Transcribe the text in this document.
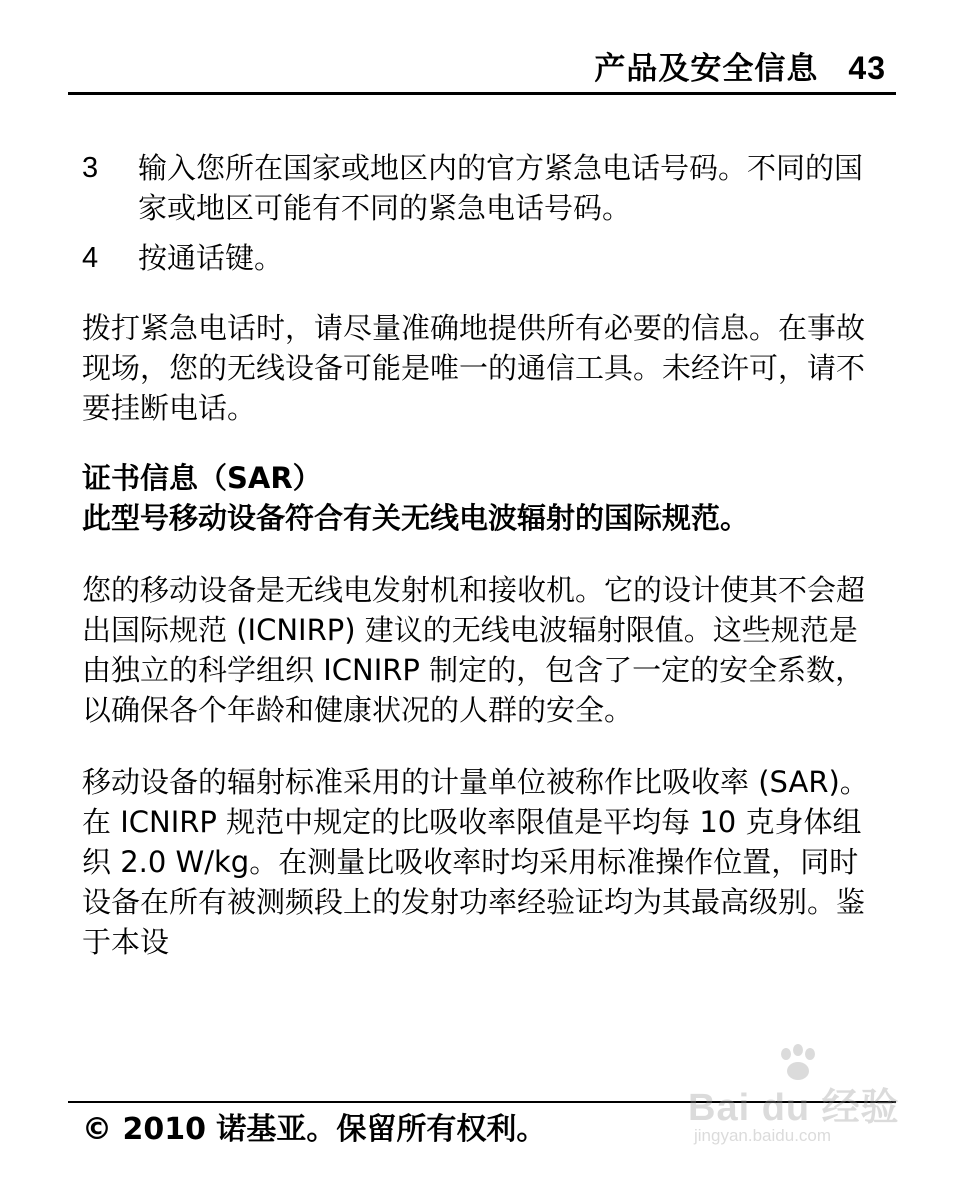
产品及安全信息 43
3	输入您所在国家或地区内的官方紧急电话号码。不同的国家或地区可能有不同的紧急电话号码。
4	按通话键。

拨打紧急电话时，请尽量准确地提供所有必要的信息。在事故现场，您的无线设备可能是唯一的通信工具。未经许可，请不要挂断电话。

证书信息（SAR）
此型号移动设备符合有关无线电波辐射的国际规范。

您的移动设备是无线电发射机和接收机。它的设计使其不会超出国际规范 (ICNIRP) 建议的无线电波辐射限值。这些规范是由独立的科学组织 ICNIRP 制定的，包含了一定的安全系数，以确保各个年龄和健康状况的人群的安全。

移动设备的辐射标准采用的计量单位被称作比吸收率 (SAR)。在 ICNIRP 规范中规定的比吸收率限值是平均每 10 克身体组织 2.0 W/kg。在测量比吸收率时均采用标准操作位置，同时设备在所有被测频段上的发射功率经验证均为其最高级别。鉴于本设

© 2010 诺基亚。保留所有权利。
Bai du 经验
jingyan.baidu.com
